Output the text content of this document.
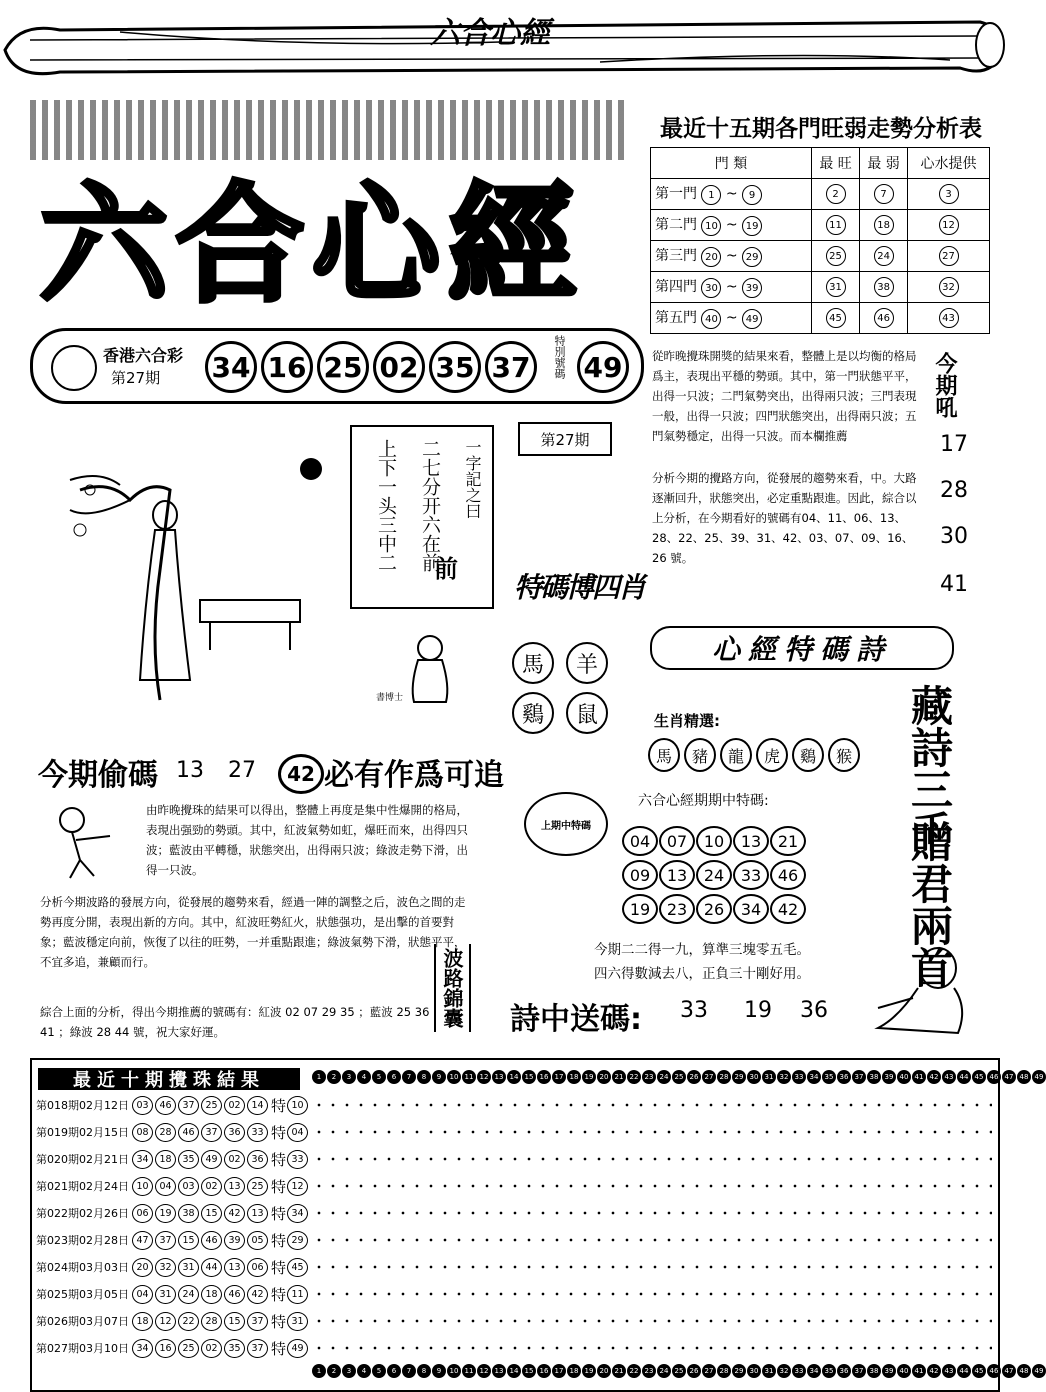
六合心經
六合心經
香港六合彩
第27期 34 16 25 02 35 37	特別號碼 49
最近十五期各門旺弱走勢分析表
門 類	最 旺	最 弱	心水提供
第一門 1 ~ 9	2	7	3
第二門 10 ~ 19	11	18	12
第三門 20 ~ 29	25	24	27
第四門 30 ~ 39	31	38	32
第五門 40 ~ 49	45	46	43
從昨晚攪珠開獎的結果來看，整體上是以均衡的格局爲主，表現出平穩的勢頭。其中，第一門狀態平平，出得一只波；二門氣勢突出，出得兩只波；三門表現一般，出得一只波；四門狀態突出，出得兩只波；五門氣勢穩定，出得一只波。而本欄推薦
分析今期的攪路方向，從發展的趨勢來看，中。大路逐漸回升，狀態突出，必定重點跟進。因此，綜合以上分析，在今期看好的號碼有04、11、06、13、28、22、25、39、31、42、03、07、09、16、26 號。
今期吼
17
28
30
41
一字記之曰
二七分开六在前
上下一头三中二 前
第27期
特碼博四肖
馬	羊
鷄	鼠
書博士
心經特碼詩
藏詩三千
贈君兩首
生肖精選:
馬	豬	龍	虎	鷄	猴
六合心經期期中特碼:
上期中特碼
04	07	10	13	21
09	13	24	33	46
19	23	26	34	42
今期二二得一九，算準三塊零五毛。
四六得數減去八，正負三十剛好用。
詩中送碼: 33 19 36
今期偷碼 13 27	42 必有作爲可追
由昨晚攪珠的結果可以得出，整體上再度是集中性爆開的格局，表現出强勁的勢頭。其中，紅波氣勢如虹，爆旺而來，出得四只波；藍波由平轉穩，狀態突出，出得兩只波；綠波走勢下滑，出得一只波。
分析今期波路的發展方向，從發展的趨勢來看，經過一陣的調整之后，波色之間的走勢再度分開，表現出新的方向。其中，紅波旺勢紅火，狀態强功，是出擊的首要對象；藍波穩定向前，恢復了以往的旺勢，一并重點跟進；綠波氣勢下滑，狀態平平，不宜多追，兼顧而行。
綜合上面的分析，得出今期推薦的號碼有：紅波 02 07 29 35 ；藍波 25 36 41 ；綠波 28 44 號，祝大家好運。
波路錦囊
最近十期攪珠結果	1	2	3	4	5	6	7	8	9	10 11 12 13 14 15 16 17 18 19 20 21 22 23 24 25 26 27 28 29 30 31 32 33 34 35 36 37 38 39 40 41 42 43 44 45 46 47 48 49
第018期02月12日 03	46	37	25	02	14 特 10
第019期02月15日 08	28	46	37	36	33 特 04
第020期02月21日 34	18	35	49	02	36 特 33
第021期02月24日 10	04	03	02	13	25 特 12
第022期02月26日 06	19	38	15	42	13 特 34
第023期02月28日 47	37	15	46	39	05 特 29
第024期03月03日 20	32	31	44	13	06 特 45
第025期03月05日 04	31	24	18	46	42 特 11
第026期03月07日 18	12	22	28	15	37 特 31
第027期03月10日 34	16	25	02	35	37 特 49
1	2	3	4	5	6	7	8	9	10 11 12 13 14 15 16 17 18 19 20 21 22 23 24 25 26 27 28 29 30 31 32 33 34 35 36 37 38 39 40 41 42 43 44 45 46 47 48 49
